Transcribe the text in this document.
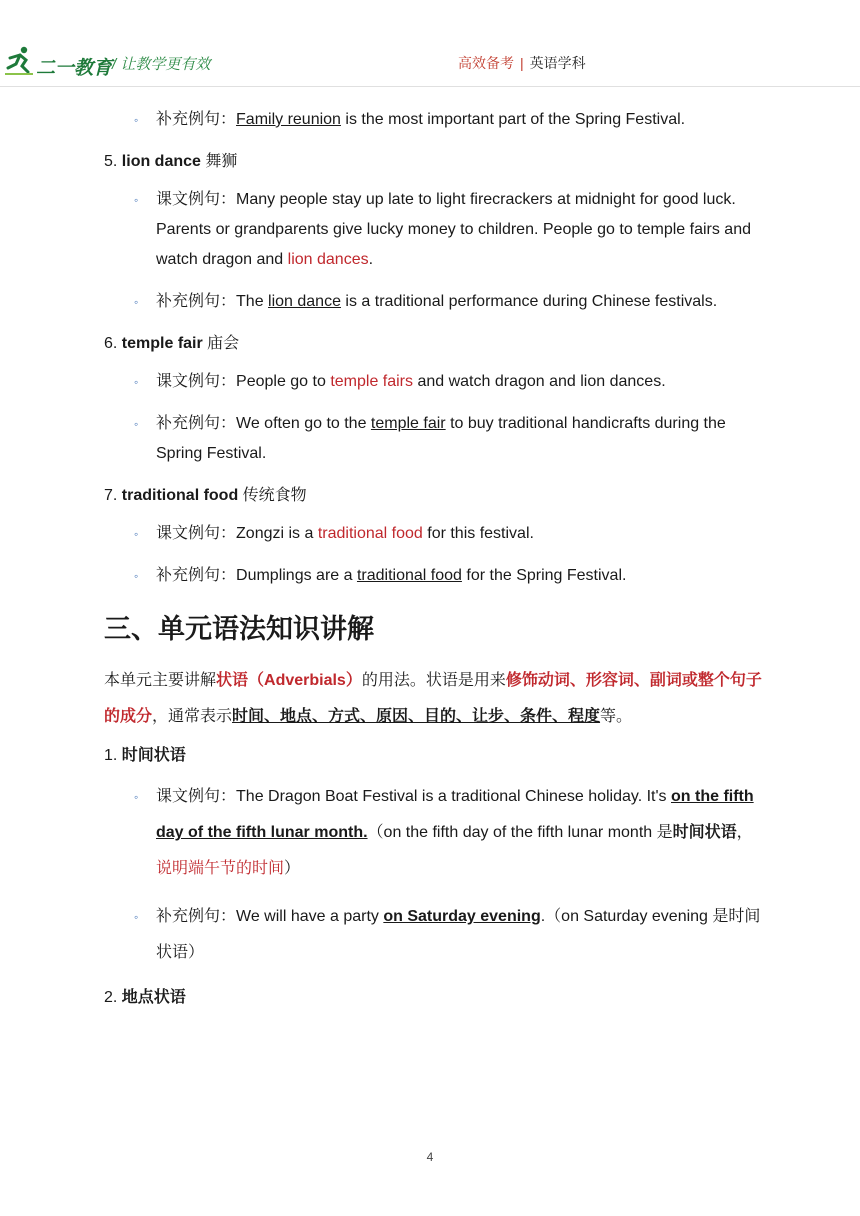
二一教育 / 让教学更有效	高效备考 | 英语学科
◦ 补充例句：Family reunion is the most important part of the Spring Festival.
5. lion dance 舞狮
◦ 课文例句：Many people stay up late to light firecrackers at midnight for good luck. Parents or grandparents give lucky money to children. People go to temple fairs and watch dragon and lion dances.
◦ 补充例句：The lion dance is a traditional performance during Chinese festivals.
6. temple fair 庙会
◦ 课文例句：People go to temple fairs and watch dragon and lion dances.
◦ 补充例句：We often go to the temple fair to buy traditional handicrafts during the Spring Festival.
7. traditional food 传统食物
◦ 课文例句：Zongzi is a traditional food for this festival.
◦ 补充例句：Dumplings are a traditional food for the Spring Festival.
三、单元语法知识讲解
本单元主要讲解状语（Adverbials）的用法。状语是用来修饰动词、形容词、副词或整个句子的成分，通常表示时间、地点、方式、原因、目的、让步、条件、程度等。
1. 时间状语
◦ 课文例句：The Dragon Boat Festival is a traditional Chinese holiday. It's on the fifth day of the fifth lunar month.（on the fifth day of the fifth lunar month 是时间状语，说明端午节的时间）
◦ 补充例句：We will have a party on Saturday evening.（on Saturday evening 是时间状语）
2. 地点状语
4
